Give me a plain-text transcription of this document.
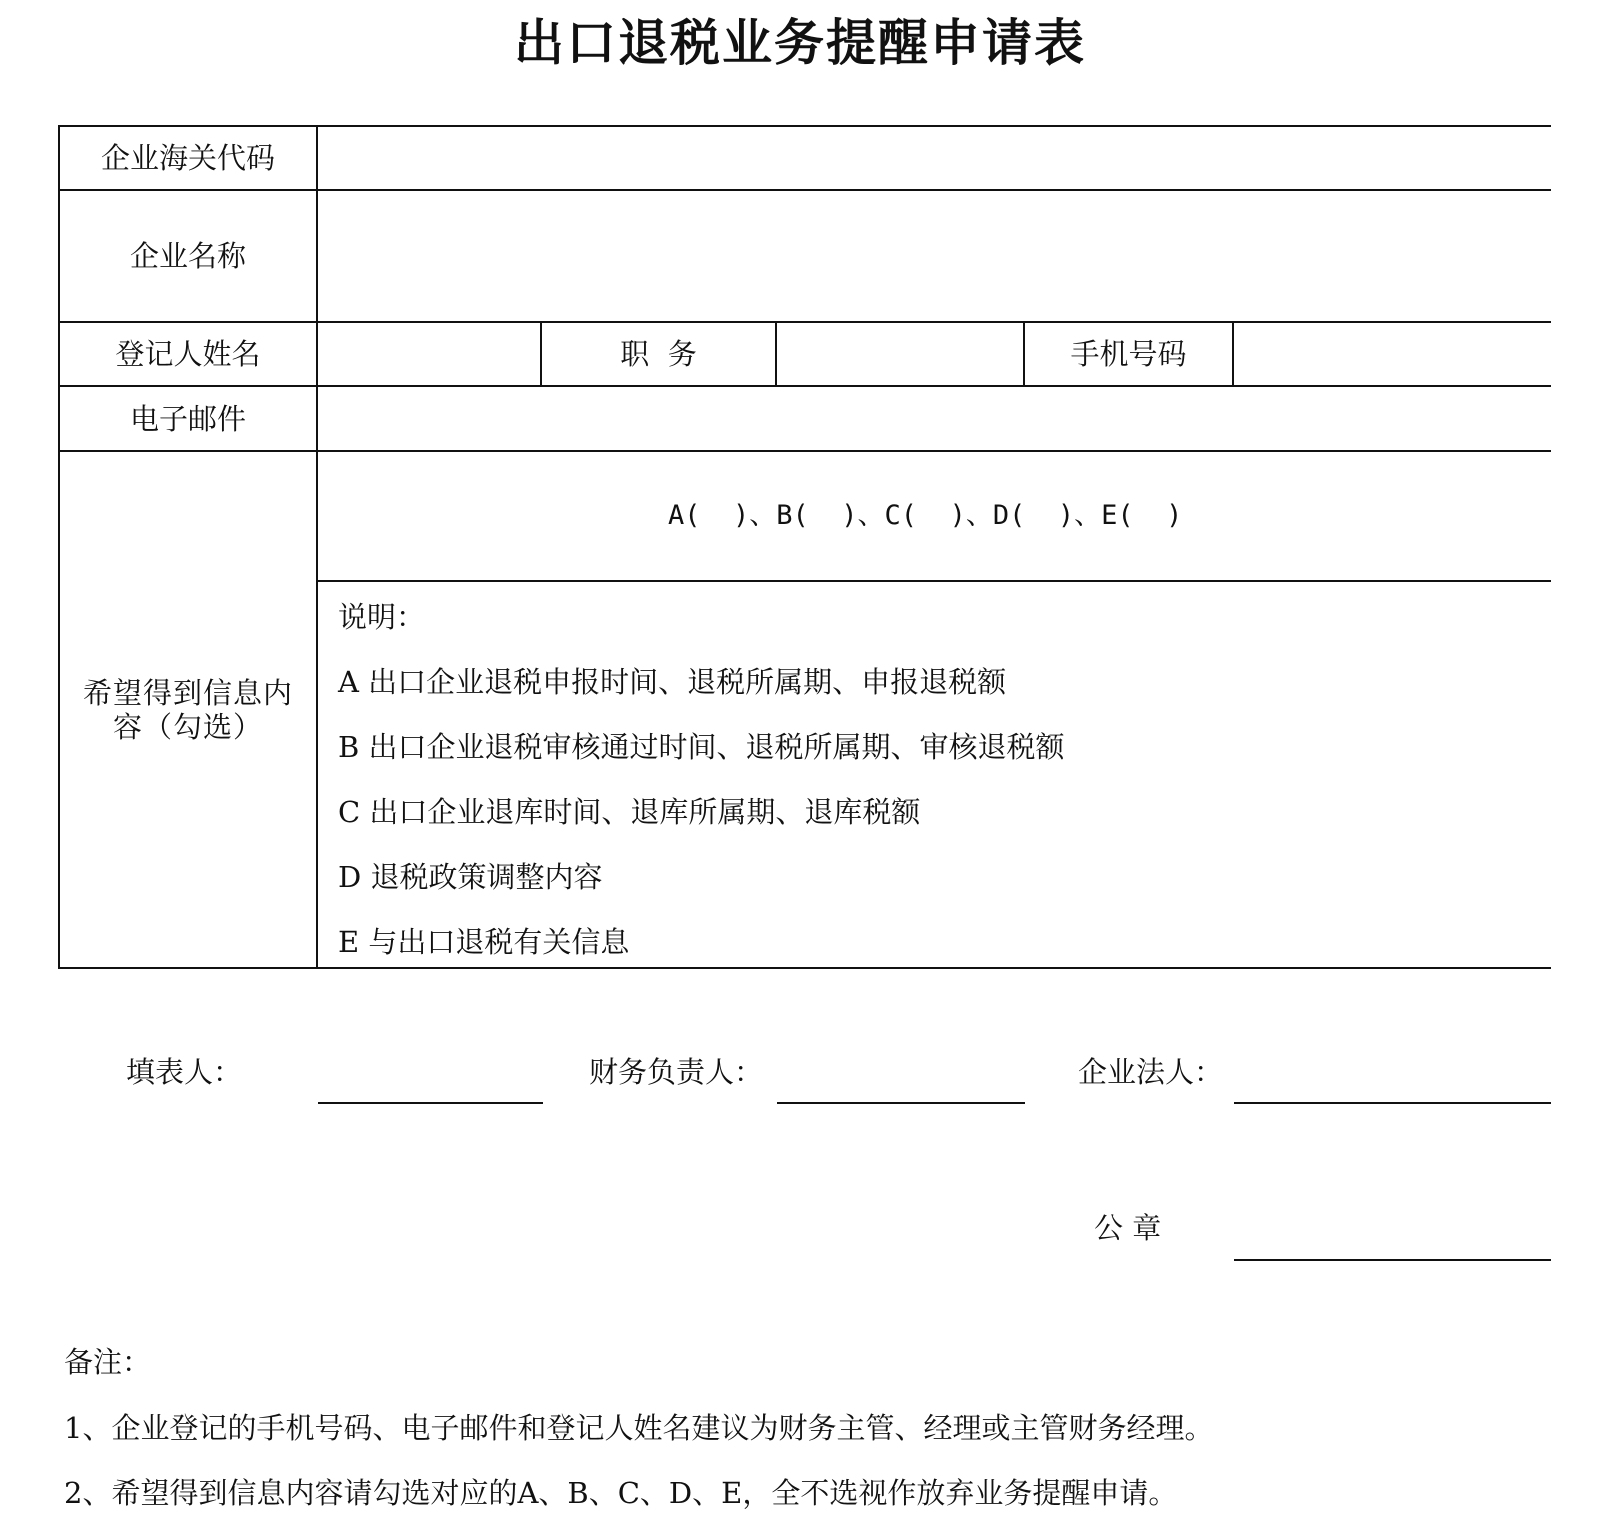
出口退税业务提醒申请表
企业海关代码
企业名称
登记人姓名	职  务	手机号码
电子邮件
希望得到信息内容（勾选）
A(  )、B(  )、C(  )、D(  )、E(  )
说明：
A 出口企业退税申报时间、退税所属期、申报退税额
B 出口企业退税审核通过时间、退税所属期、审核退税额
C 出口企业退库时间、退库所属期、退库税额
D 退税政策调整内容
E 与出口退税有关信息
填表人：	财务负责人：	企业法人：
公 章
备注：
1、企业登记的手机号码、电子邮件和登记人姓名建议为财务主管、经理或主管财务经理。
2、希望得到信息内容请勾选对应的A、B、C、D、E，全不选视作放弃业务提醒申请。
